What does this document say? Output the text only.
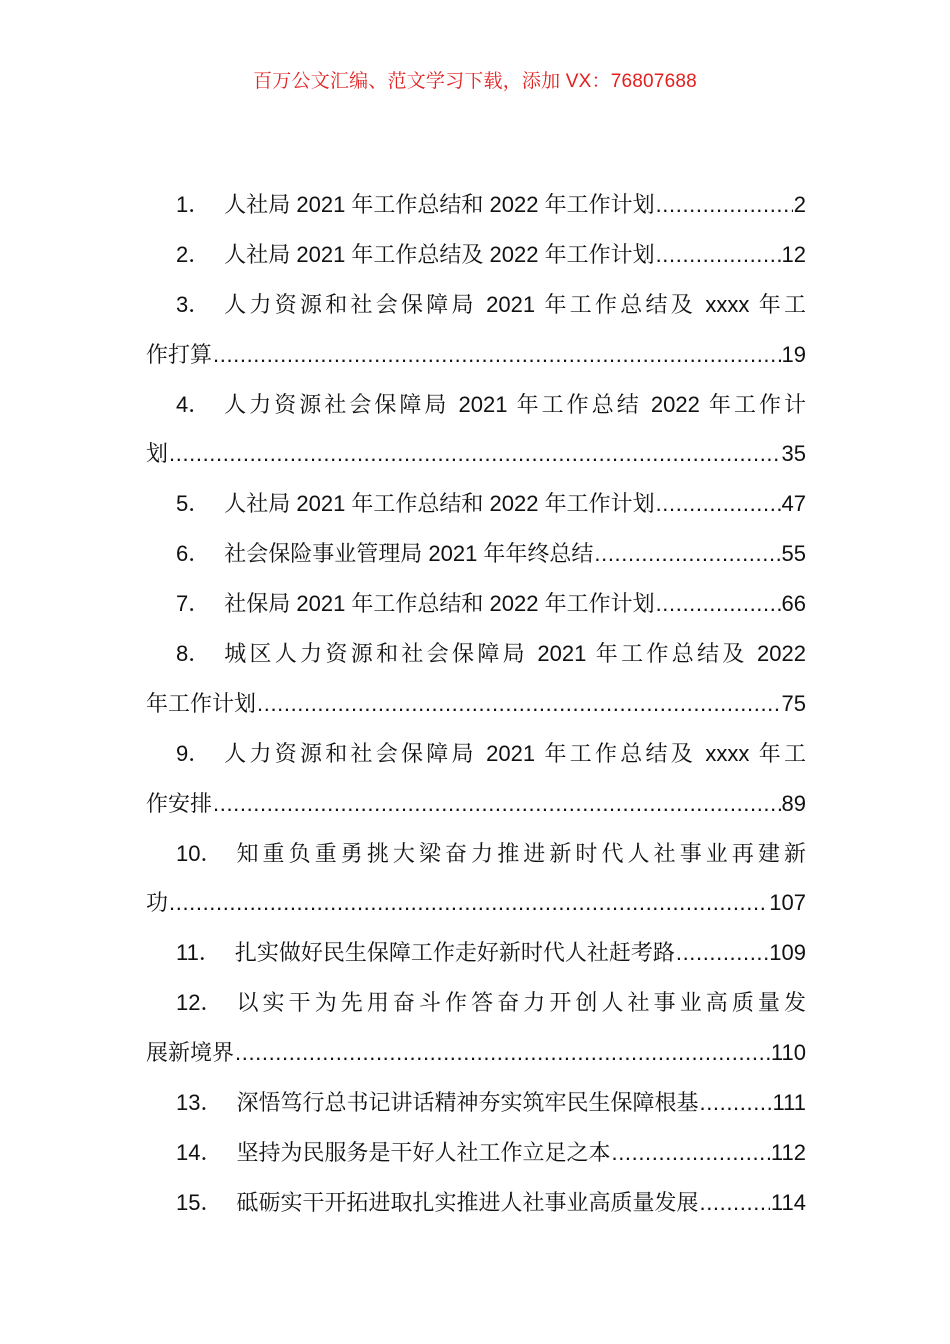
百万公文汇编、范文学习下载，添加 VX：76807688
1． 人社局 2021 年工作总结和 2022 年工作计划 .....	2
2． 人社局 2021 年工作总结及 2022 年工作计划 .....	12
3． 人力资源和社会保障局 2021 年工作总结及 xxxx 年工
作打算 .....	19
4． 人力资源社会保障局 2021 年工作总结 2022 年工作计
划 .....	35
5． 人社局 2021 年工作总结和 2022 年工作计划 .....	47
6． 社会保险事业管理局 2021 年年终总结 .....	55
7． 社保局 2021 年工作总结和 2022 年工作计划 .....	66
8． 城区人力资源和社会保障局 2021 年工作总结及 2022
年工作计划 .....	75
9． 人力资源和社会保障局 2021 年工作总结及 xxxx 年工
作安排 .....	89
10． 知重负重勇挑大梁奋力推进新时代人社事业再建新
功 .....	107
11． 扎实做好民生保障工作走好新时代人社赶考路 .....	109
12． 以实干为先用奋斗作答奋力开创人社事业高质量发
展新境界 .....	110
13． 深悟笃行总书记讲话精神夯实筑牢民生保障根基 .....	111
14． 坚持为民服务是干好人社工作立足之本 .....	112
15． 砥砺实干开拓进取扎实推进人社事业高质量发展 .....	114
